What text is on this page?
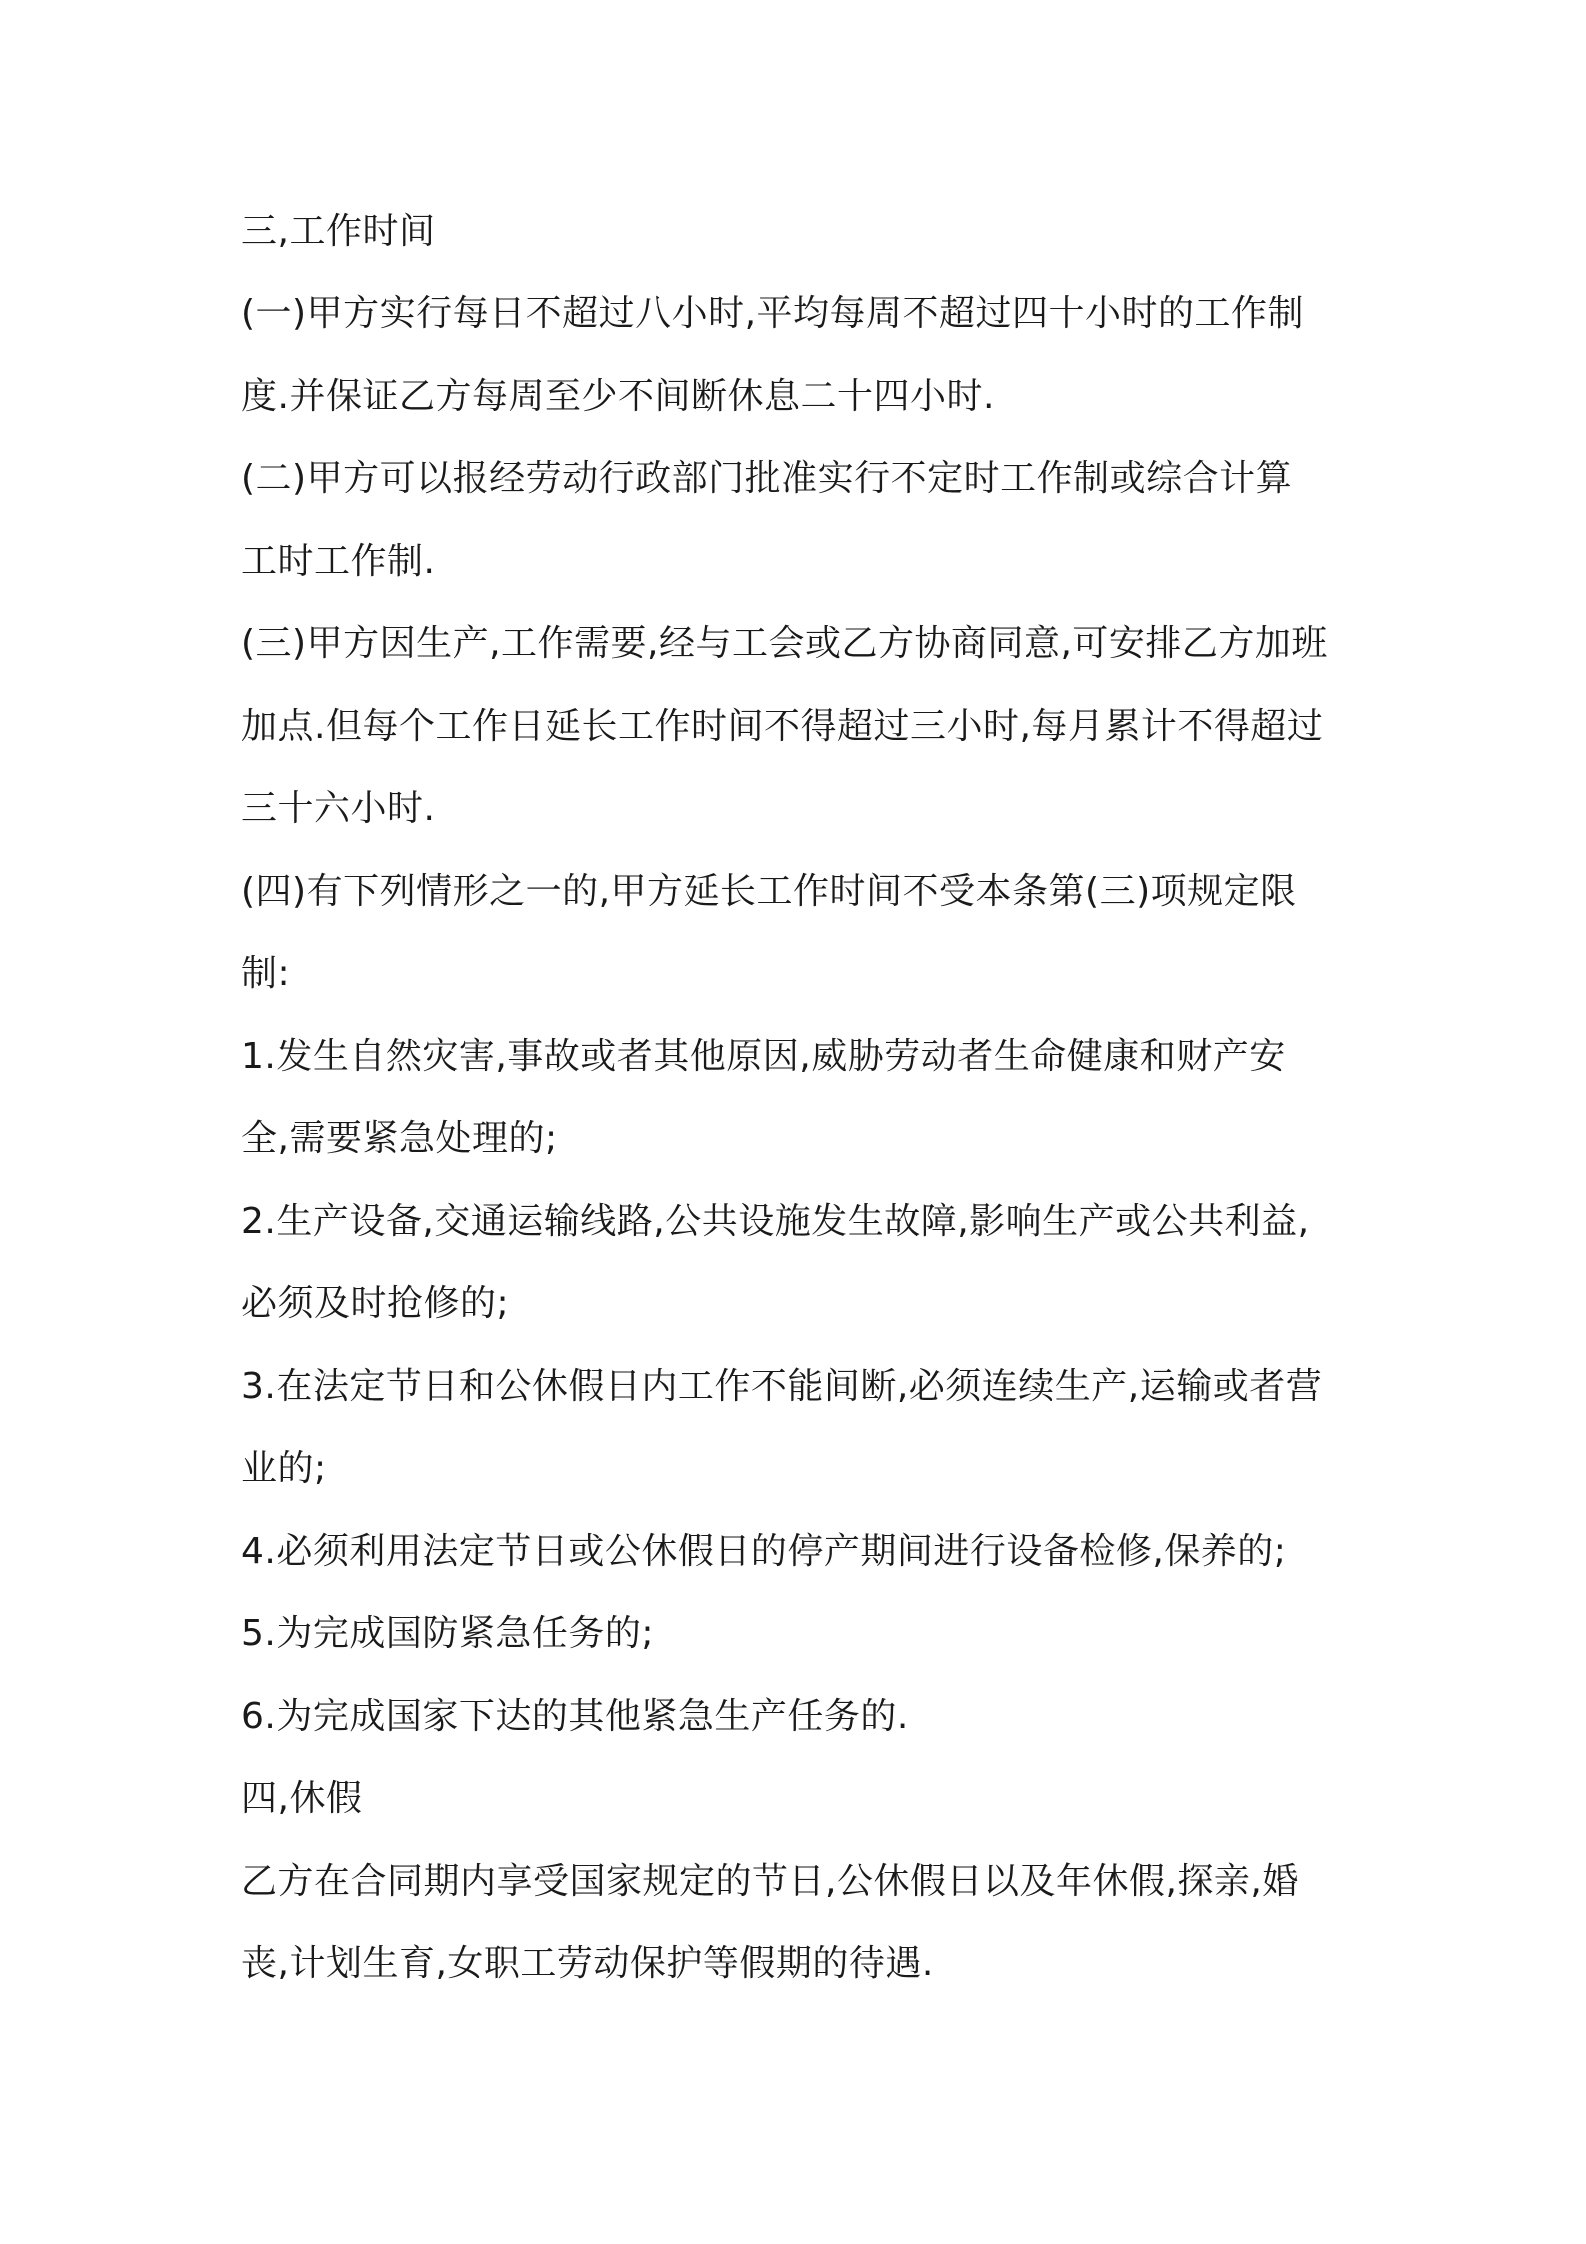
三,工作时间
(一)甲方实行每日不超过八小时,平均每周不超过四十小时的工作制
度.并保证乙方每周至少不间断休息二十四小时.
(二)甲方可以报经劳动行政部门批准实行不定时工作制或综合计算
工时工作制.
(三)甲方因生产,工作需要,经与工会或乙方协商同意,可安排乙方加班
加点.但每个工作日延长工作时间不得超过三小时,每月累计不得超过
三十六小时.
(四)有下列情形之一的,甲方延长工作时间不受本条第(三)项规定限
制:
1.发生自然灾害,事故或者其他原因,威胁劳动者生命健康和财产安
全,需要紧急处理的;
2.生产设备,交通运输线路,公共设施发生故障,影响生产或公共利益,
必须及时抢修的;
3.在法定节日和公休假日内工作不能间断,必须连续生产,运输或者营
业的;
4.必须利用法定节日或公休假日的停产期间进行设备检修,保养的;
5.为完成国防紧急任务的;
6.为完成国家下达的其他紧急生产任务的.
四,休假
乙方在合同期内享受国家规定的节日,公休假日以及年休假,探亲,婚
丧,计划生育,女职工劳动保护等假期的待遇.
